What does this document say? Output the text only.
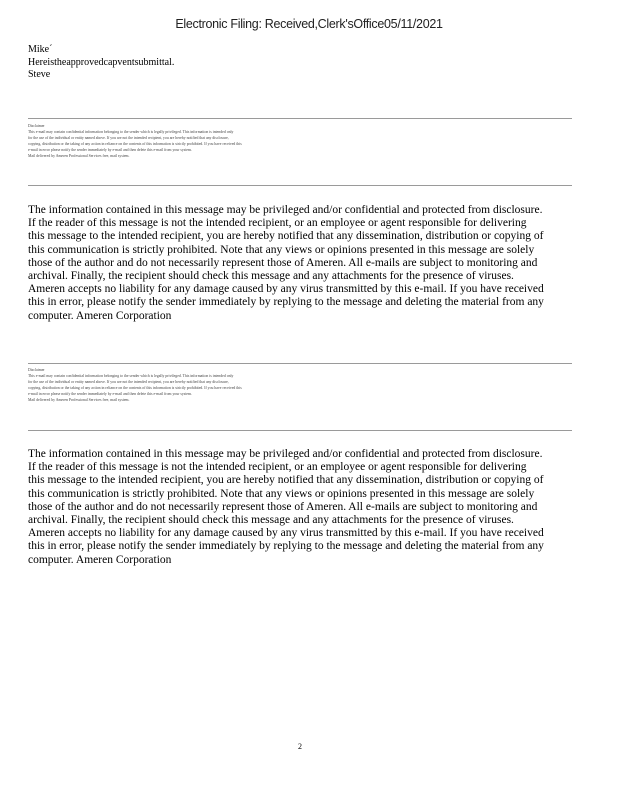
Electronic Filing: Received,Clerk'sOffice05/11/2021
Mike´
Hereistheapprovedcapventsubmittal.
Steve
Disclaimer
This e-mail may contain confidential information belonging to the sender which is legally privileged. This information is intended only
for the use of the individual or entity named above. If you are not the intended recipient, you are hereby notified that any disclosure,
copying, distribution or the taking of any action in reliance on the contents of this information is strictly prohibited. If you have received this
e-mail in error please notify the sender immediately by e-mail and then delete this e-mail from your system.
Mail delivered by Ameren Professional Services free, mail system.
The information contained in this message may be privileged and/or confidential and protected from disclosure.
If the reader of this message is not the intended recipient, or an employee or agent responsible for delivering
this message to the intended recipient, you are hereby notified that any dissemination, distribution or copying of
this communication is strictly prohibited. Note that any views or opinions presented in this message are solely
those of the author and do not necessarily represent those of Ameren. All e-mails are subject to monitoring and
archival. Finally, the recipient should check this message and any attachments for the presence of viruses.
Ameren accepts no liability for any damage caused by any virus transmitted by this e-mail. If you have received
this in error, please notify the sender immediately by replying to the message and deleting the material from any
computer. Ameren Corporation
Disclaimer
This e-mail may contain confidential information belonging to the sender which is legally privileged. This information is intended only
for the use of the individual or entity named above. If you are not the intended recipient, you are hereby notified that any disclosure,
copying, distribution or the taking of any action in reliance on the contents of this information is strictly prohibited. If you have received this
e-mail in error please notify the sender immediately by e-mail and then delete this e-mail from your system.
Mail delivered by Ameren Professional Services free, mail system.
The information contained in this message may be privileged and/or confidential and protected from disclosure.
If the reader of this message is not the intended recipient, or an employee or agent responsible for delivering
this message to the intended recipient, you are hereby notified that any dissemination, distribution or copying of
this communication is strictly prohibited. Note that any views or opinions presented in this message are solely
those of the author and do not necessarily represent those of Ameren. All e-mails are subject to monitoring and
archival. Finally, the recipient should check this message and any attachments for the presence of viruses.
Ameren accepts no liability for any damage caused by any virus transmitted by this e-mail. If you have received
this in error, please notify the sender immediately by replying to the message and deleting the material from any
computer. Ameren Corporation
2
